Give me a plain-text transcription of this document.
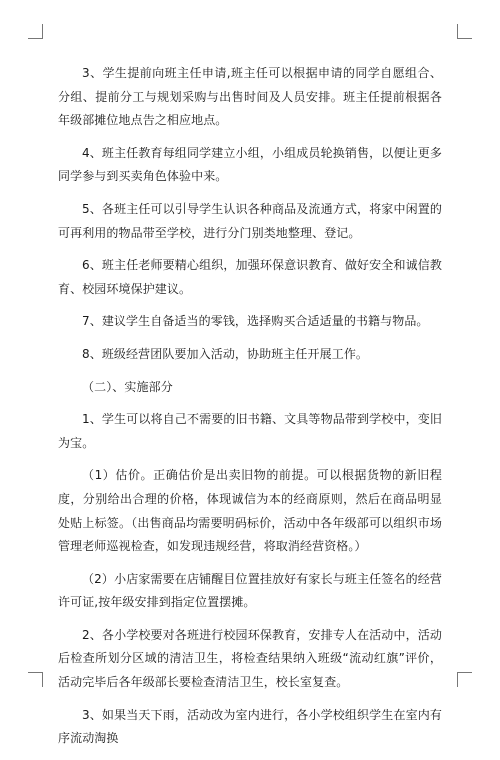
3、学生提前向班主任申请,班主任可以根据申请的同学自愿组合、分组、提前分工与规划采购与出售时间及人员安排。班主任提前根据各年级部摊位地点告之相应地点。

4、班主任教育每组同学建立小组，小组成员轮换销售，以便让更多同学参与到买卖角色体验中来。

5、各班主任可以引导学生认识各种商品及流通方式，将家中闲置的可再利用的物品带至学校，进行分门别类地整理、登记。

6、班主任老师要精心组织，加强环保意识教育、做好安全和诚信教育、校园环境保护建议。

7、建议学生自备适当的零钱，选择购买合适适量的书籍与物品。

8、班级经营团队要加入活动，协助班主任开展工作。

（二）、实施部分

1、学生可以将自己不需要的旧书籍、文具等物品带到学校中，变旧为宝。

（1）估价。正确估价是出卖旧物的前提。可以根据货物的新旧程度，分别给出合理的价格，体现诚信为本的经商原则，然后在商品明显处贴上标签。（出售商品均需要明码标价，活动中各年级部可以组织市场管理老师巡视检查，如发现违规经营，将取消经营资格。）

（2）小店家需要在店铺醒目位置挂放好有家长与班主任签名的经营许可证,按年级安排到指定位置摆摊。

2、各小学校要对各班进行校园环保教育，安排专人在活动中，活动后检查所划分区域的清洁卫生，将检查结果纳入班级“流动红旗”评价，活动完毕后各年级部长要检查清洁卫生，校长室复查。

3、如果当天下雨，活动改为室内进行，各小学校组织学生在室内有序流动淘换
